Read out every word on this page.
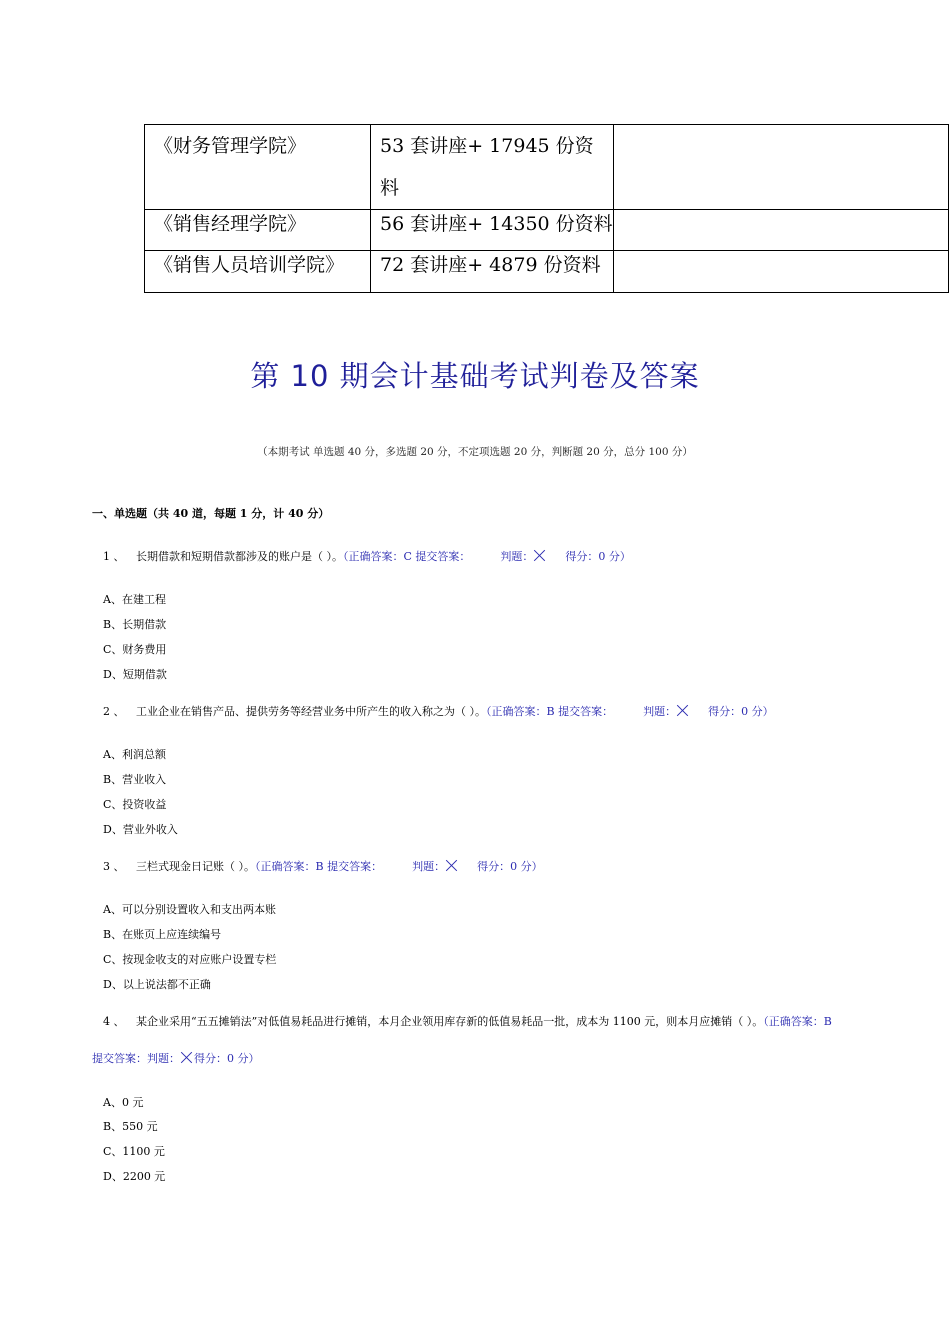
《财务管理学院》	53 套讲座+ 17945 份资
料	
《销售经理学院》	56 套讲座+ 14350 份资料	
《销售人员培训学院》	72 套讲座+ 4879 份资料	
第 10 期会计基础考试判卷及答案
（本期考试 单选题 40 分，多选题 20 分，不定项选题 20 分，判断题 20 分，总分 100 分）
一、单选题（共 40 道，每题 1 分，计 40 分）
1 、 长期借款和短期借款都涉及的账户是（ ）。（正确答案：C 提交答案：	判题：	得分：0 分）
A、在建工程
B、长期借款
C、财务费用
D、短期借款
2 、 工业企业在销售产品、提供劳务等经营业务中所产生的收入称之为（ ）。（正确答案：B 提交答案：	判题：	得分：0 分）
A、利润总额
B、营业收入
C、投资收益
D、营业外收入
3 、 三栏式现金日记账（ ）。（正确答案：B 提交答案：	判题：	得分：0 分）
A、可以分别设置收入和支出两本账
B、在账页上应连续编号
C、按现金收支的对应账户设置专栏
D、以上说法都不正确
4 、 某企业采用“五五摊销法”对低值易耗品进行摊销，本月企业领用库存新的低值易耗品一批，成本为 1100 元，则本月应摊销（ ）。（正确答案：B
提交答案：判题： 得分：0 分）
A、0 元
B、550 元
C、1100 元
D、2200 元
